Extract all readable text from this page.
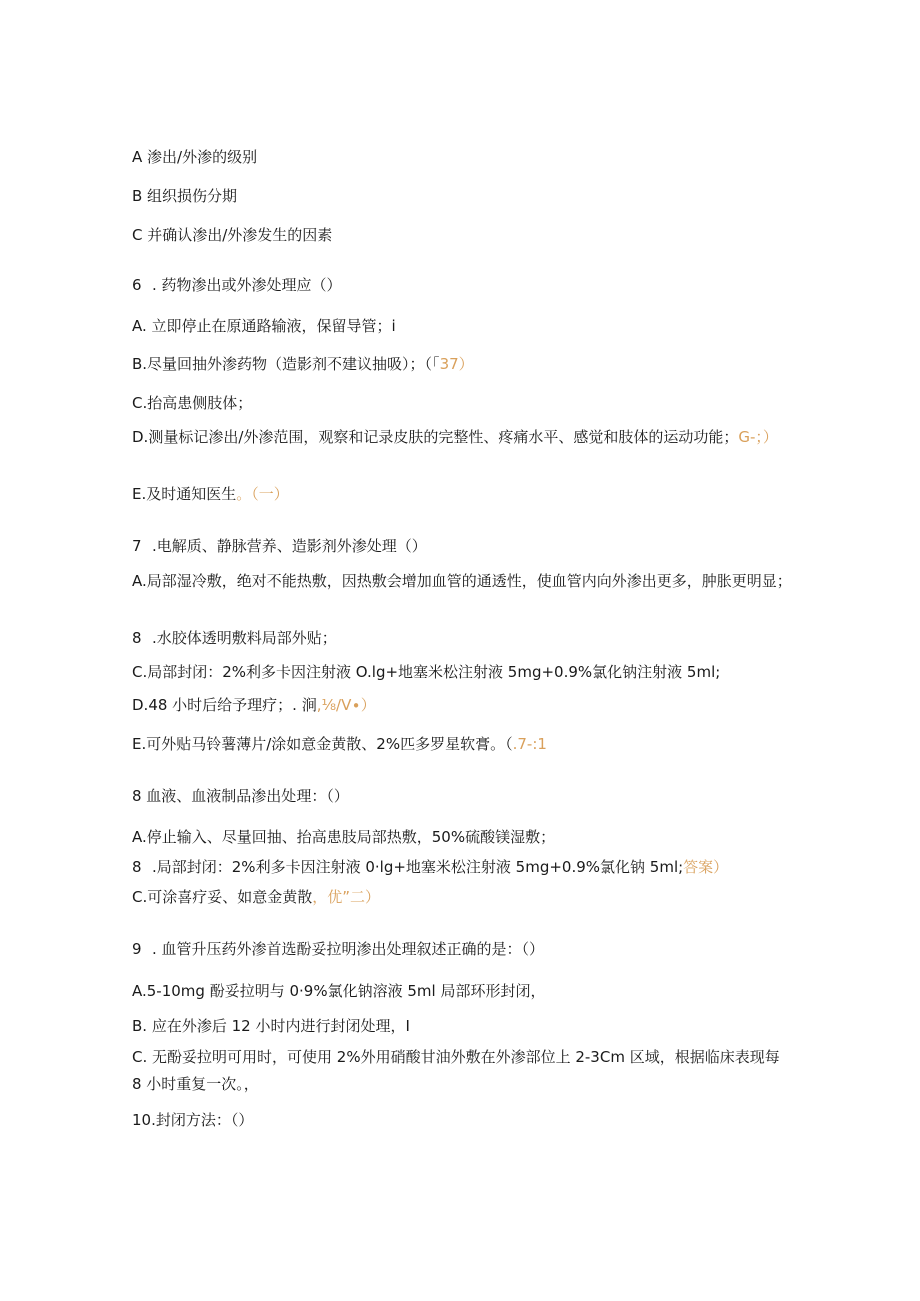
A 渗出/外渗的级别
B 组织损伤分期
C 并确认渗出/外渗发生的因素
6 . 药物渗出或外渗处理应（）
A. 立即停止在原通路输液，保留导管；i
B.尽量回抽外渗药物（造影剂不建议抽吸）；（「37）
C.抬高患侧肢体；
D.测量标记渗出/外渗范围，观察和记录皮肤的完整性、疼痛水平、感觉和肢体的运动功能；G-；）
E.及时通知医生。（一）
7 .电解质、静脉营养、造影剂外渗处理（）
A.局部湿冷敷，绝对不能热敷，因热敷会增加血管的通透性，使血管内向外渗出更多，肿胀更明显；
8 .水胶体透明敷料局部外贴；
C.局部封闭：2%利多卡因注射液 O.lg+地塞米松注射液 5mg+0.9%氯化钠注射液 5ml;
D.48 小时后给予理疗；. 涧,⅛∕V∙）
E.可外贴马铃薯薄片/涂如意金黄散、2%匹多罗星软膏。（.7-:1
8 血液、血液制品渗出处理：（）
A.停止输入、尽量回抽、抬高患肢局部热敷，50%硫酸镁湿敷；
8 .局部封闭：2%利多卡因注射液 0·lg+地塞米松注射液 5mg+0.9%氯化钠 5ml;答案）
C.可涂喜疗妥、如意金黄散，优”二）
9 . 血管升压药外渗首选酚妥拉明渗出处理叙述正确的是：（）
A.5-10mg 酚妥拉明与 0·9%氯化钠溶液 5ml 局部环形封闭，
B. 应在外渗后 12 小时内进行封闭处理，I
C. 无酚妥拉明可用时，可使用 2%外用硝酸甘油外敷在外渗部位上 2-3Cm 区域，根据临床表现每 8 小时重复一次。，
10.封闭方法：（）
